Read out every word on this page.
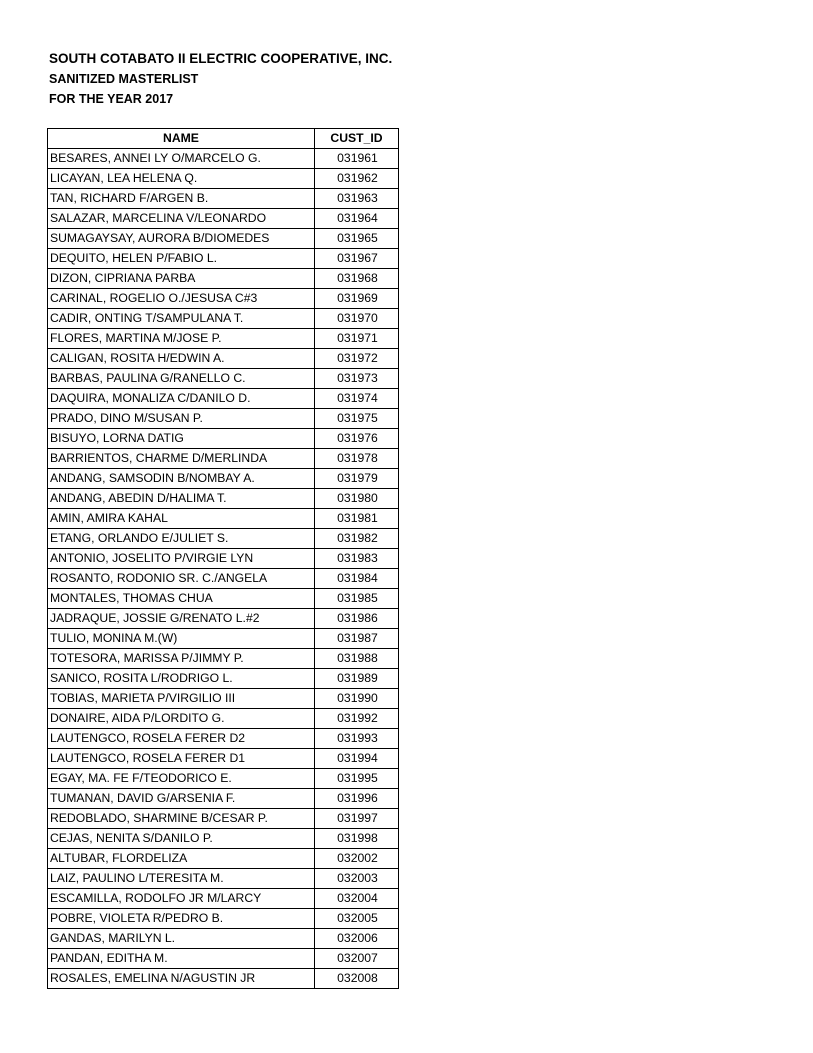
SOUTH COTABATO II ELECTRIC COOPERATIVE, INC.
SANITIZED MASTERLIST
FOR THE YEAR 2017
NAME	CUST_ID
BESARES, ANNEI LY O/MARCELO G.	031961
LICAYAN, LEA HELENA Q.	031962
TAN, RICHARD F/ARGEN B.	031963
SALAZAR, MARCELINA V/LEONARDO	031964
SUMAGAYSAY, AURORA B/DIOMEDES	031965
DEQUITO, HELEN P/FABIO L.	031967
DIZON, CIPRIANA PARBA	031968
CARINAL, ROGELIO O./JESUSA C#3	031969
CADIR, ONTING T/SAMPULANA T.	031970
FLORES, MARTINA M/JOSE P.	031971
CALIGAN, ROSITA H/EDWIN A.	031972
BARBAS, PAULINA G/RANELLO C.	031973
DAQUIRA, MONALIZA C/DANILO D.	031974
PRADO, DINO M/SUSAN P.	031975
BISUYO, LORNA DATIG	031976
BARRIENTOS, CHARME D/MERLINDA	031978
ANDANG, SAMSODIN B/NOMBAY A.	031979
ANDANG, ABEDIN D/HALIMA T.	031980
AMIN, AMIRA KAHAL	031981
ETANG, ORLANDO E/JULIET S.	031982
ANTONIO, JOSELITO P/VIRGIE LYN	031983
ROSANTO, RODONIO SR. C./ANGELA	031984
MONTALES, THOMAS CHUA	031985
JADRAQUE, JOSSIE G/RENATO L.#2	031986
TULIO, MONINA M.(W)	031987
TOTESORA, MARISSA P/JIMMY P.	031988
SANICO, ROSITA L/RODRIGO L.	031989
TOBIAS, MARIETA P/VIRGILIO III	031990
DONAIRE, AIDA P/LORDITO G.	031992
LAUTENGCO, ROSELA FERER D2	031993
LAUTENGCO, ROSELA FERER D1	031994
EGAY, MA. FE F/TEODORICO E.	031995
TUMANAN, DAVID G/ARSENIA F.	031996
REDOBLADO, SHARMINE B/CESAR P.	031997
CEJAS, NENITA S/DANILO P.	031998
ALTUBAR, FLORDELIZA	032002
LAIZ, PAULINO L/TERESITA M.	032003
ESCAMILLA, RODOLFO JR M/LARCY	032004
POBRE, VIOLETA R/PEDRO B.	032005
GANDAS, MARILYN L.	032006
PANDAN, EDITHA M.	032007
ROSALES, EMELINA N/AGUSTIN JR	032008
